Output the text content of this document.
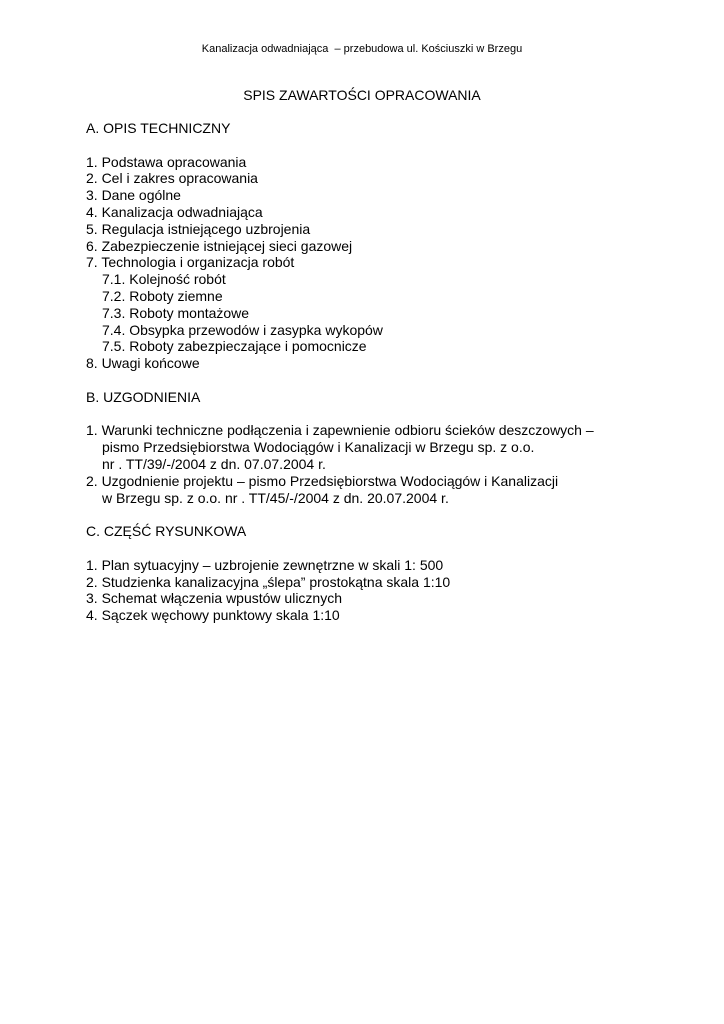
Kanalizacja odwadniająca  – przebudowa ul. Kościuszki w Brzegu
SPIS ZAWARTOŚCI OPRACOWANIA
A. OPIS TECHNICZNY
1. Podstawa opracowania
2. Cel i zakres opracowania
3. Dane ogólne
4. Kanalizacja odwadniająca
5. Regulacja istniejącego uzbrojenia
6. Zabezpieczenie istniejącej sieci gazowej
7. Technologia i organizacja robót
7.1. Kolejność robót
7.2. Roboty ziemne
7.3. Roboty montażowe
7.4. Obsypka przewodów i zasypka wykopów
7.5. Roboty zabezpieczające i pomocnicze
8. Uwagi końcowe
B. UZGODNIENIA
1. Warunki techniczne podłączenia i zapewnienie odbioru ścieków deszczowych –
pismo Przedsiębiorstwa Wodociągów i Kanalizacji w Brzegu sp. z o.o.
nr . TT/39/-/2004 z dn. 07.07.2004 r.
2. Uzgodnienie projektu – pismo Przedsiębiorstwa Wodociągów i Kanalizacji
w Brzegu sp. z o.o. nr . TT/45/-/2004 z dn. 20.07.2004 r.
C. CZĘŚĆ RYSUNKOWA
1. Plan sytuacyjny – uzbrojenie zewnętrzne w skali 1: 500
2. Studzienka kanalizacyjna „ślepa” prostokątna skala 1:10
3. Schemat włączenia wpustów ulicznych
4. Sączek węchowy punktowy skala 1:10
